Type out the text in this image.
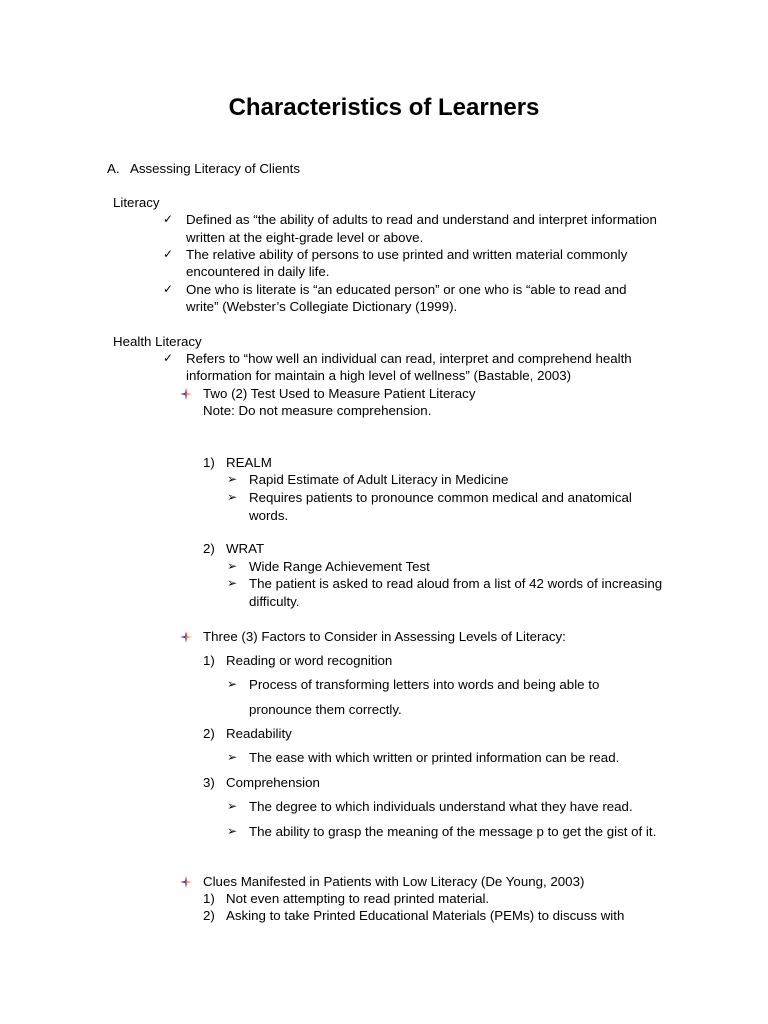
Characteristics of Learners
A. Assessing Literacy of Clients
Literacy
✓ Defined as “the ability of adults to read and understand and interpret information
written at the eight-grade level or above.
✓ The relative ability of persons to use printed and written material commonly
encountered in daily life.
✓ One who is literate is “an educated person” or one who is “able to read and
write” (Webster’s Collegiate Dictionary (1999).
Health Literacy
✓ Refers to “how well an individual can read, interpret and comprehend health
information for maintain a high level of wellness” (Bastable, 2003)
Two (2) Test Used to Measure Patient Literacy
Note: Do not measure comprehension.
1) REALM
➢ Rapid Estimate of Adult Literacy in Medicine
➢ Requires patients to pronounce common medical and anatomical
words.
2) WRAT
➢ Wide Range Achievement Test
➢ The patient is asked to read aloud from a list of 42 words of increasing
difficulty.
Three (3) Factors to Consider in Assessing Levels of Literacy:
1) Reading or word recognition
➢ Process of transforming letters into words and being able to
pronounce them correctly.
2) Readability
➢ The ease with which written or printed information can be read.
3) Comprehension
➢ The degree to which individuals understand what they have read.
➢ The ability to grasp the meaning of the message p to get the gist of it.
Clues Manifested in Patients with Low Literacy (De Young, 2003)
1) Not even attempting to read printed material.
2) Asking to take Printed Educational Materials (PEMs) to discuss with
